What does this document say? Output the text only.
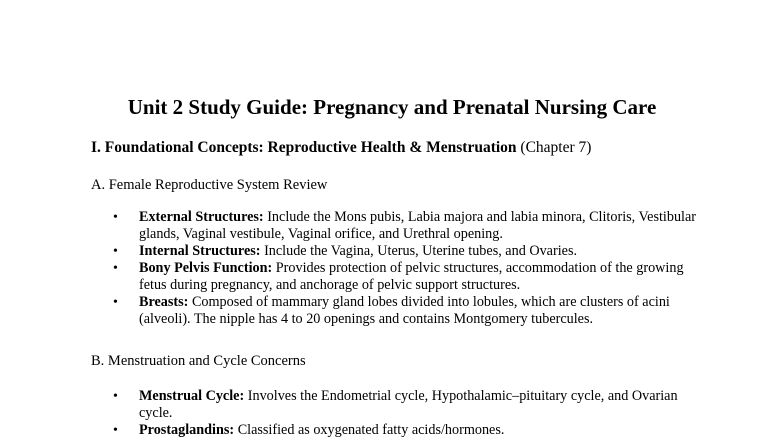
Unit 2 Study Guide: Pregnancy and Prenatal Nursing Care
I. Foundational Concepts: Reproductive Health & Menstruation (Chapter 7)
A. Female Reproductive System Review
• External Structures: Include the Mons pubis, Labia majora and labia minora, Clitoris, Vestibular glands, Vaginal vestibule, Vaginal orifice, and Urethral opening.
• Internal Structures: Include the Vagina, Uterus, Uterine tubes, and Ovaries.
• Bony Pelvis Function: Provides protection of pelvic structures, accommodation of the growing fetus during pregnancy, and anchorage of pelvic support structures.
• Breasts: Composed of mammary gland lobes divided into lobules, which are clusters of acini (alveoli). The nipple has 4 to 20 openings and contains Montgomery tubercules.
B. Menstruation and Cycle Concerns
• Menstrual Cycle: Involves the Endometrial cycle, Hypothalamic–pituitary cycle, and Ovarian cycle.
• Prostaglandins: Classified as oxygenated fatty acids/hormones.
